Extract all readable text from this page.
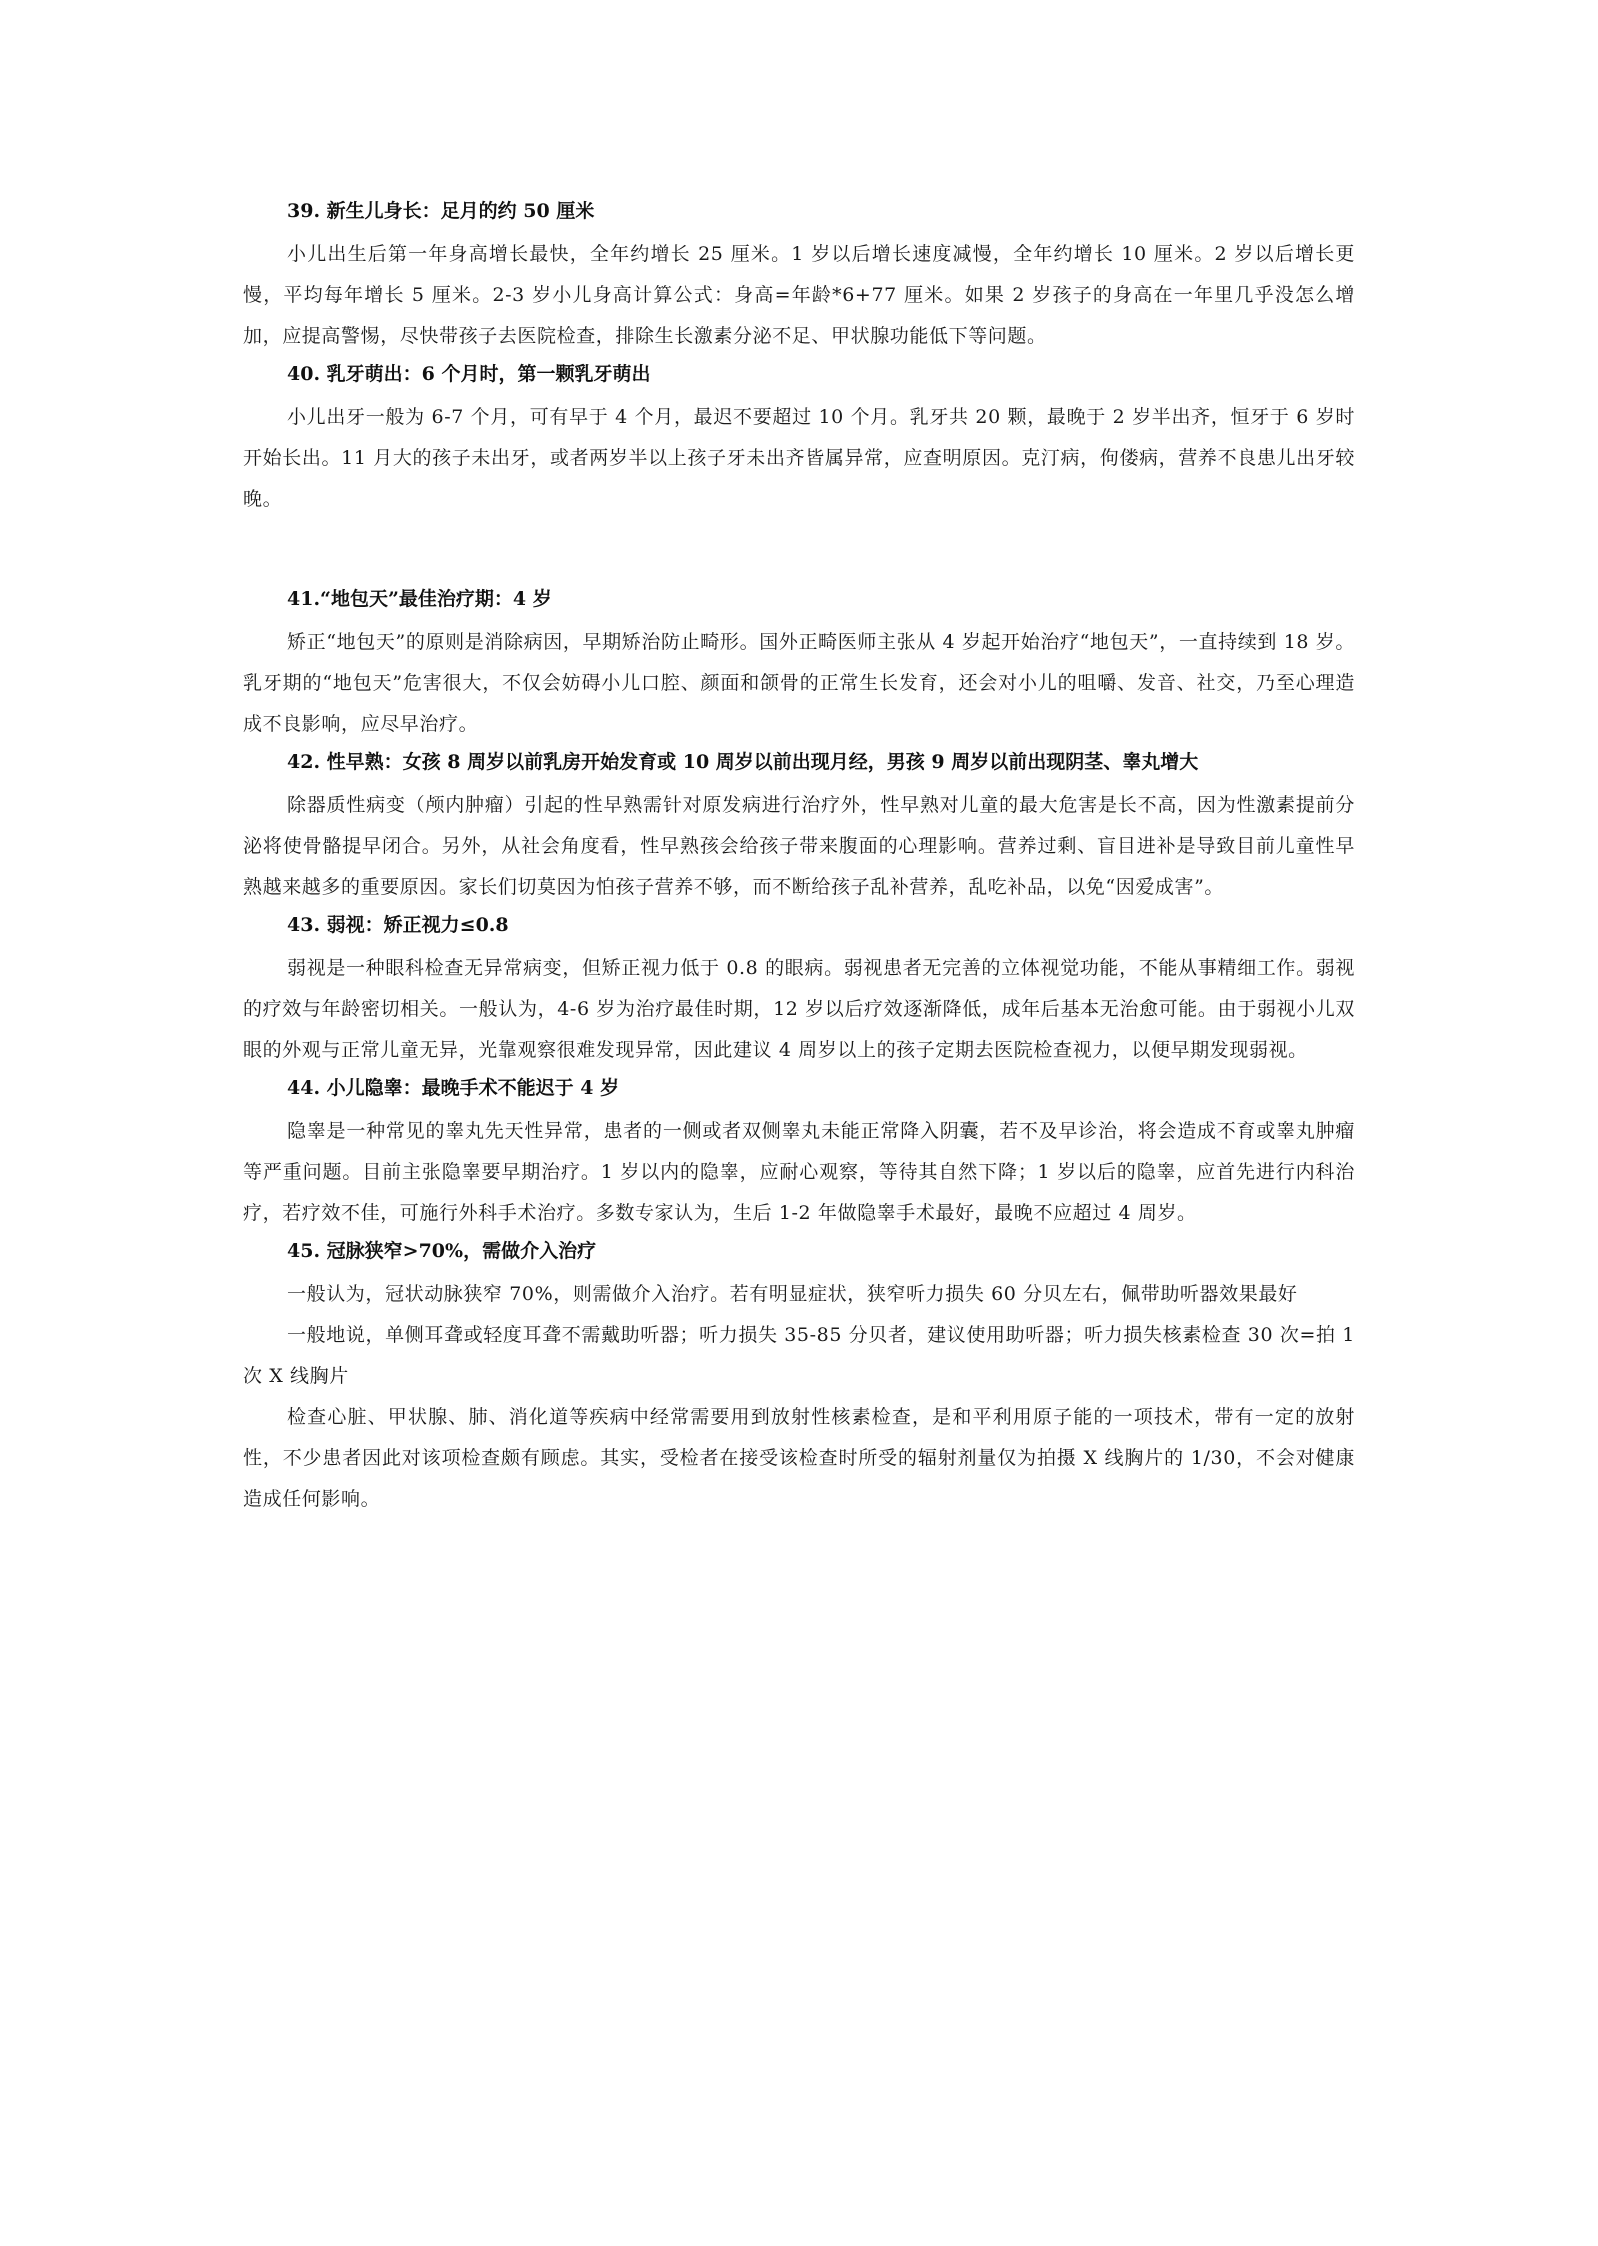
39. 新生儿身长：足月的约 50 厘米

小儿出生后第一年身高增长最快，全年约增长 25 厘米。1 岁以后增长速度减慢，全年约增长 10 厘米。2 岁以后增长更慢，平均每年增长 5 厘米。2-3 岁小儿身高计算公式：身高=年龄*6+77 厘米。如果 2 岁孩子的身高在一年里几乎没怎么增加，应提高警惕，尽快带孩子去医院检查，排除生长激素分泌不足、甲状腺功能低下等问题。

40. 乳牙萌出：6 个月时，第一颗乳牙萌出

小儿出牙一般为 6-7 个月，可有早于 4 个月，最迟不要超过 10 个月。乳牙共 20 颗，最晚于 2 岁半出齐，恒牙于 6 岁时开始长出。11 月大的孩子未出牙，或者两岁半以上孩子牙未出齐皆属异常，应查明原因。克汀病，佝偻病，营养不良患儿出牙较晚。

41.“地包天”最佳治疗期：4 岁

矫正“地包天”的原则是消除病因，早期矫治防止畸形。国外正畸医师主张从 4 岁起开始治疗“地包天”，一直持续到 18 岁。乳牙期的“地包天”危害很大，不仅会妨碍小儿口腔、颜面和颌骨的正常生长发育，还会对小儿的咀嚼、发音、社交，乃至心理造成不良影响，应尽早治疗。

42. 性早熟：女孩 8 周岁以前乳房开始发育或 10 周岁以前出现月经，男孩 9 周岁以前出现阴茎、睾丸增大

除器质性病变（颅内肿瘤）引起的性早熟需针对原发病进行治疗外，性早熟对儿童的最大危害是长不高，因为性激素提前分泌将使骨骼提早闭合。另外，从社会角度看，性早熟孩会给孩子带来腹面的心理影响。营养过剩、盲目进补是导致目前儿童性早熟越来越多的重要原因。家长们切莫因为怕孩子营养不够，而不断给孩子乱补营养，乱吃补品，以免“因爱成害”。

43. 弱视：矫正视力≤0.8

弱视是一种眼科检查无异常病变，但矫正视力低于 0.8 的眼病。弱视患者无完善的立体视觉功能，不能从事精细工作。弱视的疗效与年龄密切相关。一般认为，4-6 岁为治疗最佳时期，12 岁以后疗效逐渐降低，成年后基本无治愈可能。由于弱视小儿双眼的外观与正常儿童无异，光靠观察很难发现异常，因此建议 4 周岁以上的孩子定期去医院检查视力，以便早期发现弱视。

44. 小儿隐睾：最晚手术不能迟于 4 岁

隐睾是一种常见的睾丸先天性异常，患者的一侧或者双侧睾丸未能正常降入阴囊，若不及早诊治，将会造成不育或睾丸肿瘤等严重问题。目前主张隐睾要早期治疗。1 岁以内的隐睾，应耐心观察，等待其自然下降；1 岁以后的隐睾，应首先进行内科治疗，若疗效不佳，可施行外科手术治疗。多数专家认为，生后 1-2 年做隐睾手术最好，最晚不应超过 4 周岁。

45. 冠脉狭窄>70%，需做介入治疗

一般认为，冠状动脉狭窄 70%，则需做介入治疗。若有明显症状，狭窄听力损失 60 分贝左右，佩带助听器效果最好

一般地说，单侧耳聋或轻度耳聋不需戴助听器；听力损失 35-85 分贝者，建议使用助听器；听力损失核素检查 30 次=拍 1 次 X 线胸片

检查心脏、甲状腺、肺、消化道等疾病中经常需要用到放射性核素检查，是和平利用原子能的一项技术，带有一定的放射性，不少患者因此对该项检查颇有顾虑。其实，受检者在接受该检查时所受的辐射剂量仅为拍摄 X 线胸片的 1/30，不会对健康造成任何影响。
